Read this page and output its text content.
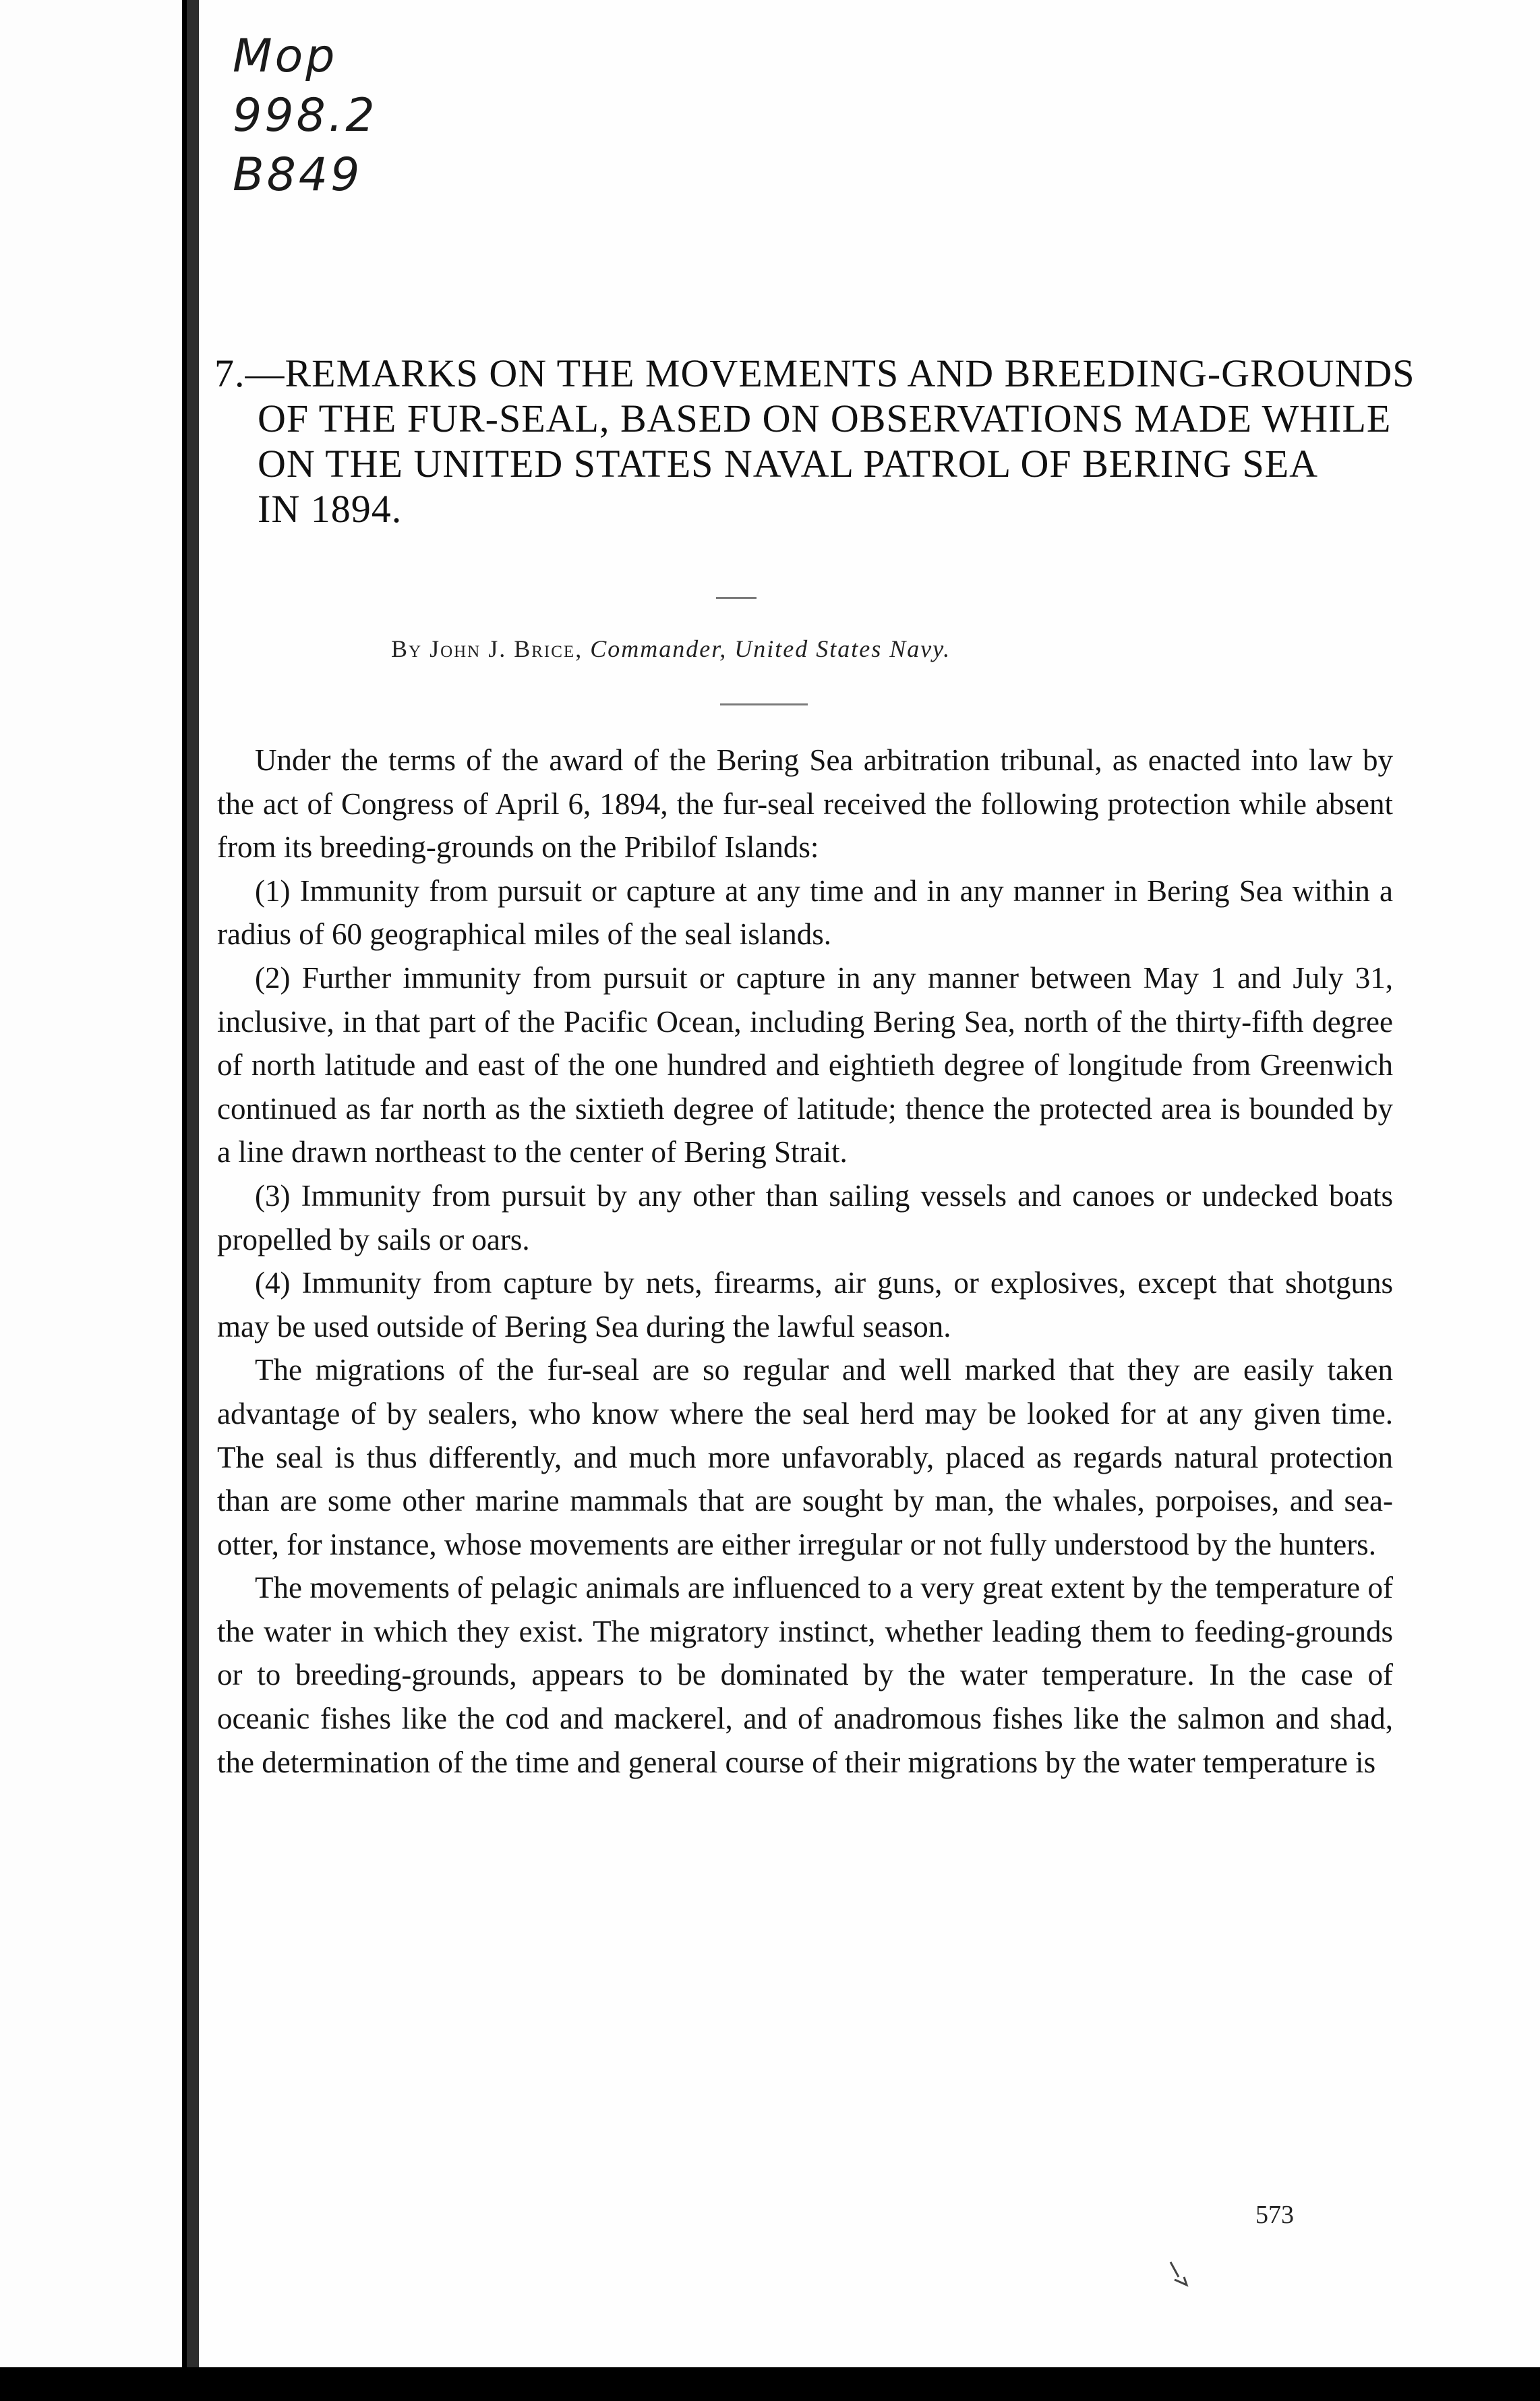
Mop
998.2
B849
7.—REMARKS ON THE MOVEMENTS AND BREEDING-GROUNDS
OF THE FUR-SEAL, BASED ON OBSERVATIONS MADE WHILE
ON THE UNITED STATES NAVAL PATROL OF BERING SEA
IN 1894.
By John J. Brice, Commander, United States Navy.

Under the terms of the award of the Bering Sea arbitration tribunal, as enacted into law by the act of Congress of April 6, 1894, the fur-seal received the following protection while absent from its breeding-grounds on the Pribilof Islands:

(1) Immunity from pursuit or capture at any time and in any manner in Bering Sea within a radius of 60 geographical miles of the seal islands.

(2) Further immunity from pursuit or capture in any manner between May 1 and July 31, inclusive, in that part of the Pacific Ocean, including Bering Sea, north of the thirty-fifth degree of north latitude and east of the one hundred and eightieth degree of longitude from Greenwich continued as far north as the sixtieth degree of latitude; thence the protected area is bounded by a line drawn northeast to the center of Bering Strait.

(3) Immunity from pursuit by any other than sailing vessels and canoes or undecked boats propelled by sails or oars.

(4) Immunity from capture by nets, firearms, air guns, or explosives, except that shotguns may be used outside of Bering Sea during the lawful season.

The migrations of the fur-seal are so regular and well marked that they are easily taken advantage of by sealers, who know where the seal herd may be looked for at any given time. The seal is thus differently, and much more unfavorably, placed as regards natural protection than are some other marine mammals that are sought by man, the whales, porpoises, and sea-otter, for instance, whose movements are either irregular or not fully understood by the hunters.

The movements of pelagic animals are influenced to a very great extent by the temperature of the water in which they exist. The migratory instinct, whether leading them to feeding-grounds or to breeding-grounds, appears to be dominated by the water temperature. In the case of oceanic fishes like the cod and mackerel, and of anadromous fishes like the salmon and shad, the determination of the time and general course of their migrations by the water temperature is

573
